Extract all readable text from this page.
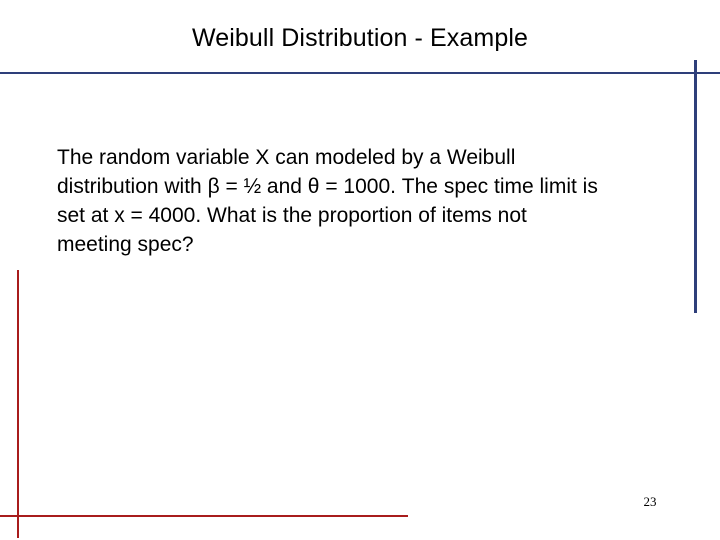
Weibull Distribution - Example
The random variable X can modeled by a Weibull
distribution with β = ½ and θ = 1000. The spec time limit is
set at x = 4000. What is the proportion of items not
meeting spec?
23
